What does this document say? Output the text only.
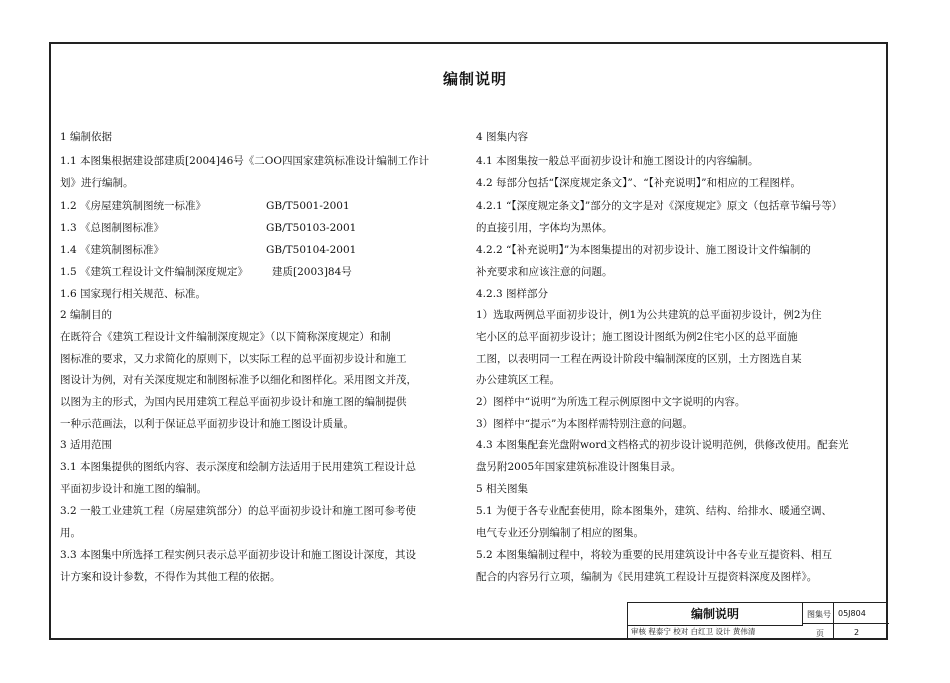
编制说明
1 编制依据
1.1 本图集根据建设部建质[2004]46号《二OO四国家建筑标准设计编制工作计
划》进行编制。
1.2 《房屋建筑制图统一标准》
1.3 《总图制图标准》
1.4 《建筑制图标准》
1.5 《建筑工程设计文件编制深度规定》
1.6 国家现行相关规范、标准。
2 编制目的
在既符合《建筑工程设计文件编制深度规定》（以下简称深度规定）和制
图标准的要求，又力求简化的原则下，以实际工程的总平面初步设计和施工
图设计为例，对有关深度规定和制图标准予以细化和图样化。采用图文并茂，
以图为主的形式，为国内民用建筑工程总平面初步设计和施工图的编制提供
一种示范画法，以利于保证总平面初步设计和施工图设计质量。
3 适用范围
3.1 本图集提供的图纸内容、表示深度和绘制方法适用于民用建筑工程设计总
平面初步设计和施工图的编制。
3.2 一般工业建筑工程（房屋建筑部分）的总平面初步设计和施工图可参考使
用。
3.3 本图集中所选择工程实例只表示总平面初步设计和施工图设计深度，其设
计方案和设计参数，不得作为其他工程的依据。
GB/T5001-2001
GB/T50103-2001
GB/T50104-2001
建质[2003]84号
4 图集内容
4.1 本图集按一般总平面初步设计和施工图设计的内容编制。
4.2 每部分包括“【深度规定条文】”、“【补充说明】”和相应的工程图样。
4.2.1 “【深度规定条文】”部分的文字是对《深度规定》原文（包括章节编号等）
的直接引用，字体均为黑体。
4.2.2 “【补充说明】”为本图集提出的对初步设计、施工图设计文件编制的
补充要求和应该注意的问题。
4.2.3 图样部分
1）选取两例总平面初步设计，例1为公共建筑的总平面初步设计，例2为住
宅小区的总平面初步设计；施工图设计图纸为例2住宅小区的总平面施
工图，以表明同一工程在两设计阶段中编制深度的区别，土方图选自某
办公建筑区工程。
2）图样中“说明”为所选工程示例原图中文字说明的内容。
3）图样中“提示”为本图样需特别注意的问题。
4.3 本图集配套光盘附word文档格式的初步设计说明范例，供修改使用。配套光
盘另附2005年国家建筑标准设计图集目录。
5 相关图集
5.1 为便于各专业配套使用，除本图集外，建筑、结构、给排水、暖通空调、
电气专业还分别编制了相应的图集。
5.2 本图集编制过程中，将较为重要的民用建筑设计中各专业互提资料、相互
配合的内容另行立项，编制为《民用建筑工程设计互提资料深度及图样》。
编制说明	图集号 05J804
页	2
审核 程泰宁 校对 白红卫 设计 黄伟清
